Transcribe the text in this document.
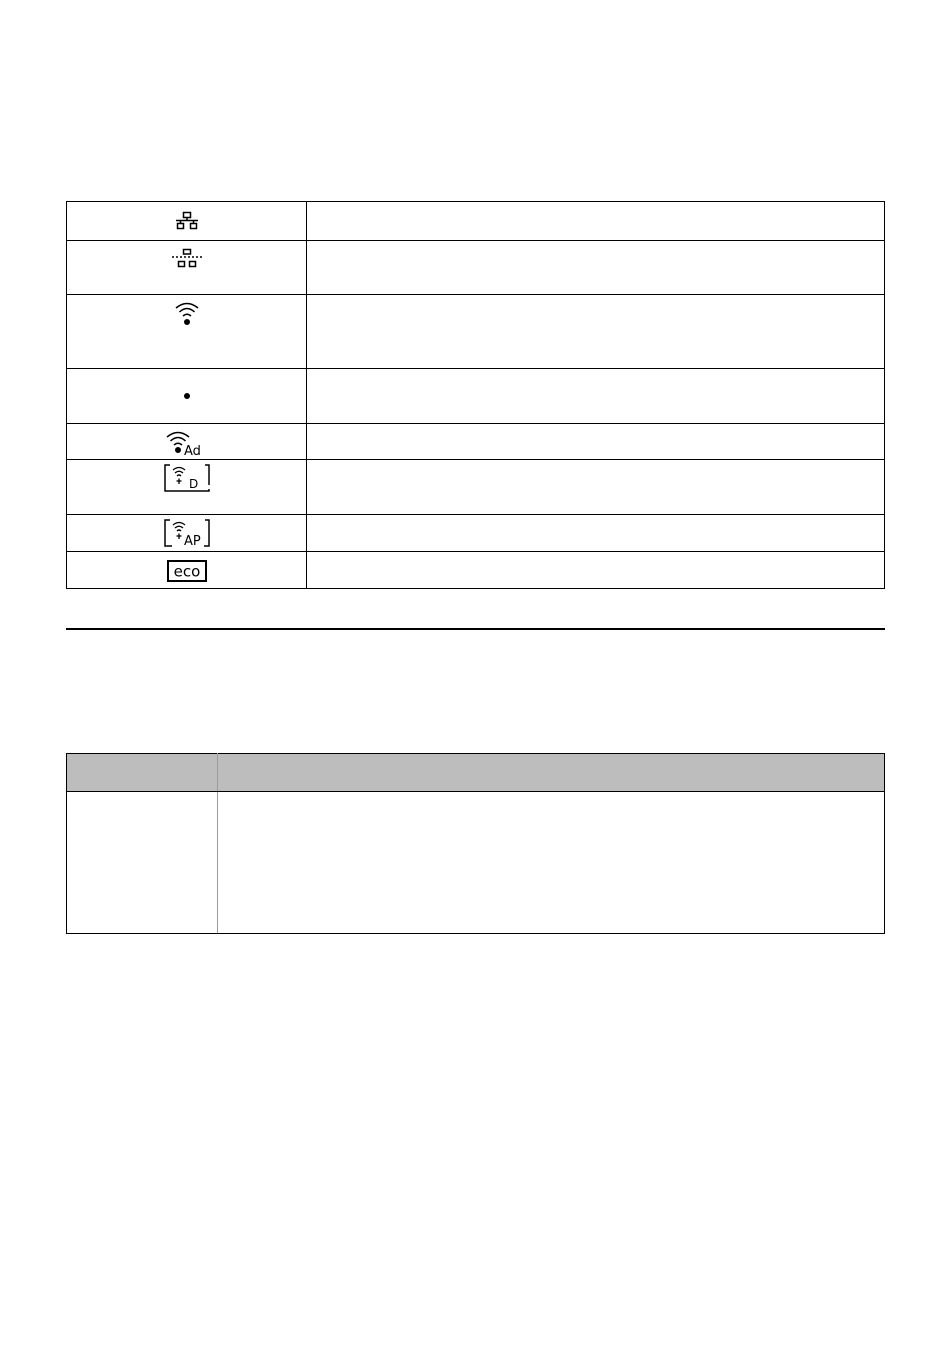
Ad	

D	

AP	

eco	
